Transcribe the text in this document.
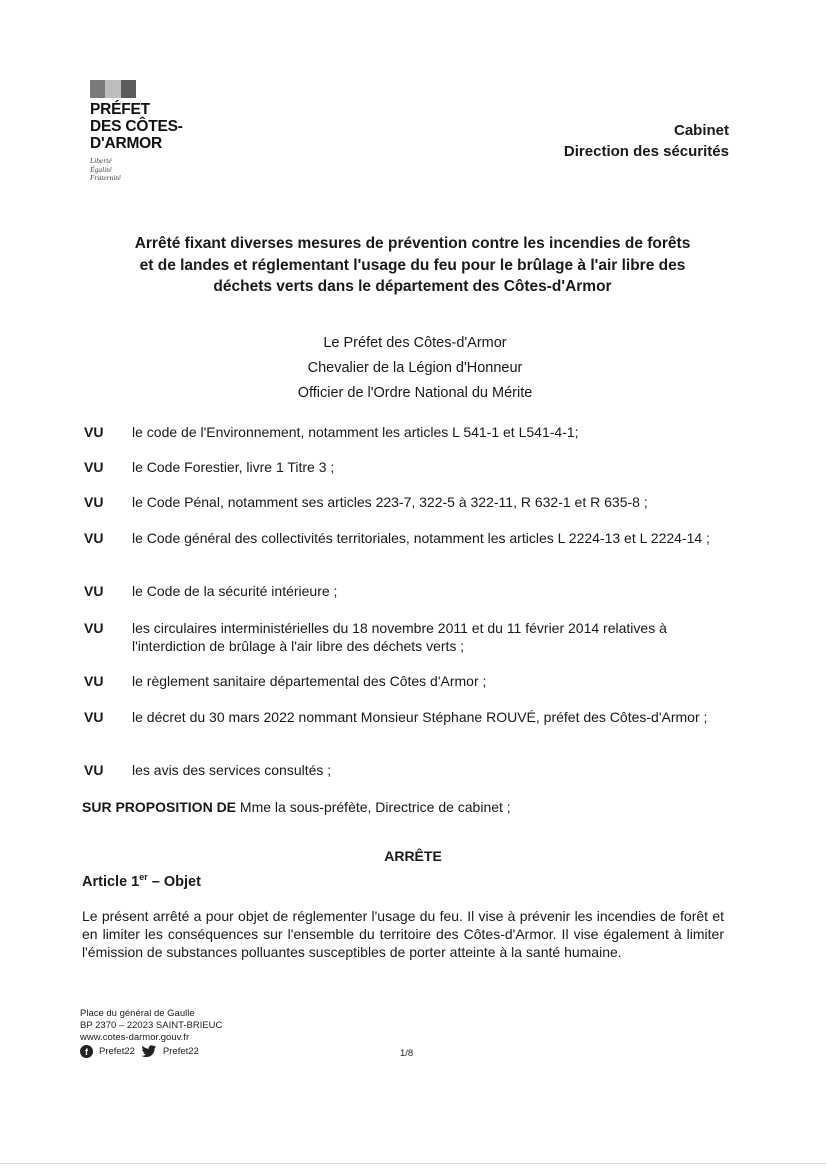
PRÉFET
DES CÔTES-
D'ARMOR
Liberté
Égalité
Fraternité
Cabinet
Direction des sécurités
Arrêté fixant diverses mesures de prévention contre les incendies de forêts
et de landes et réglementant l'usage du feu pour le brûlage à l'air libre des
déchets verts dans le département des Côtes-d'Armor
Le Préfet des Côtes-d'Armor
Chevalier de la Légion d'Honneur
Officier de l'Ordre National du Mérite
VU le code de l'Environnement, notamment les articles L 541-1 et L541-4-1;
VU le Code Forestier, livre 1 Titre 3 ;
VU le Code Pénal, notamment ses articles 223-7, 322-5 à 322-11, R 632-1 et R 635-8 ;
VU le Code général des collectivités territoriales, notamment les articles L 2224-13 et L 2224-14 ;
VU le Code de la sécurité intérieure ;
VU les circulaires interministérielles du 18 novembre 2011 et du 11 février 2014 relatives à l'interdiction de brûlage à l'air libre des déchets verts ;
VU le règlement sanitaire départemental des Côtes d'Armor ;
VU le décret du 30 mars 2022 nommant Monsieur Stéphane ROUVÉ, préfet des Côtes-d'Armor ;
VU les avis des services consultés ;
SUR PROPOSITION DE Mme la sous-préfète, Directrice de cabinet ;
ARRÊTE
Article 1er – Objet
Le présent arrêté a pour objet de réglementer l'usage du feu. Il vise à prévenir les incendies de forêt et en limiter les conséquences sur l'ensemble du territoire des Côtes-d'Armor. Il vise également à limiter l'émission de substances polluantes susceptibles de porter atteinte à la santé humaine.
Place du général de Gaulle
BP 2370 – 22023 SAINT-BRIEUC
www.cotes-darmor.gouv.fr
f	Prefet22	Prefet22	1/8
